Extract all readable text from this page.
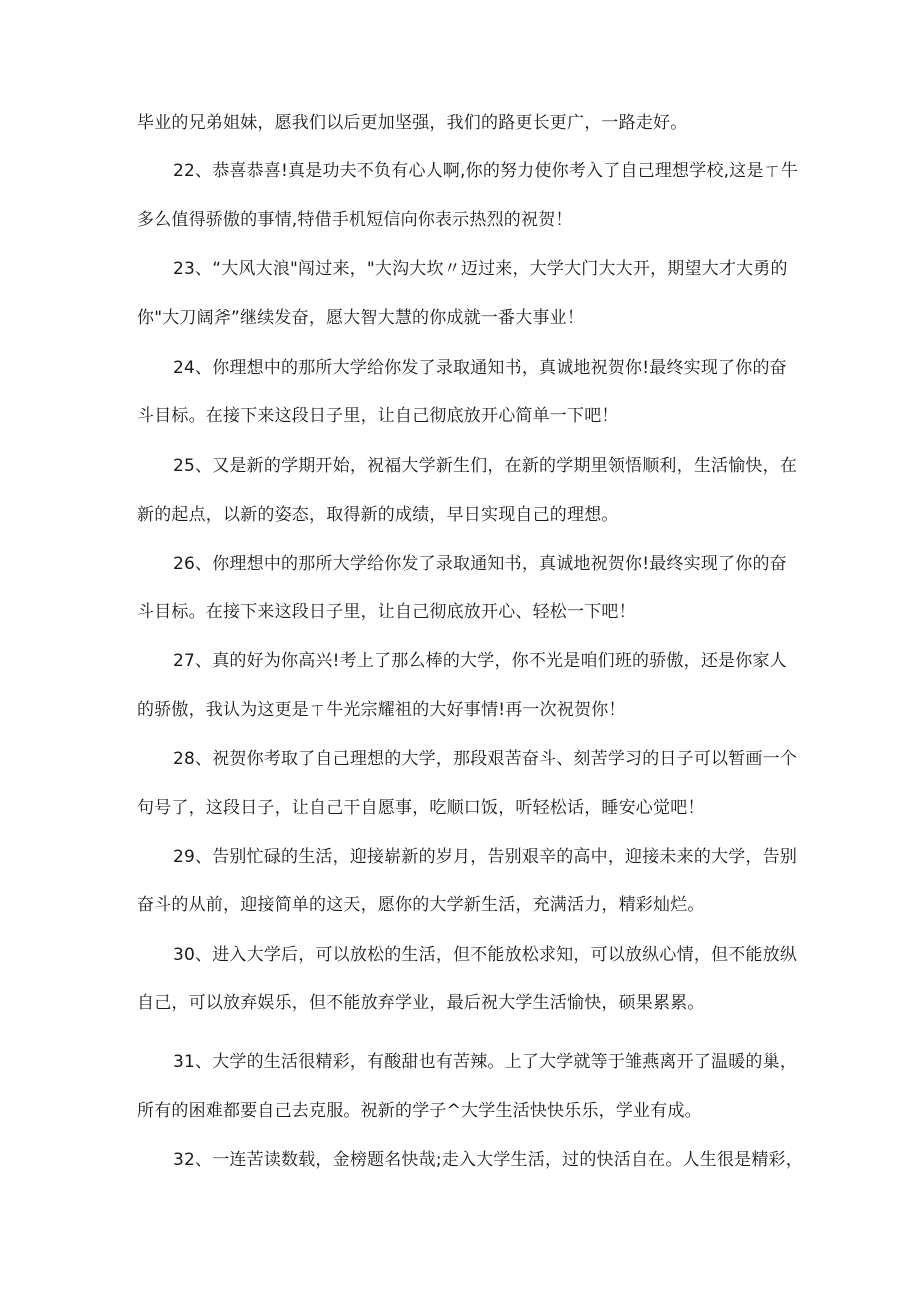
毕业的兄弟姐妹，愿我们以后更加坚强，我们的路更长更广，一路走好。
22、恭喜恭喜!真是功夫不负有心人啊,你的努力使你考入了自己理想学校,这是ㄒ牛
多么值得骄傲的事情,特借手机短信向你表示热烈的祝贺！
23、“大风大浪"闯过来，"大沟大坎〃迈过来，大学大门大大开，期望大才大勇的
你"大刀阔斧”继续发奋，愿大智大慧的你成就一番大事业！
24、你理想中的那所大学给你发了录取通知书，真诚地祝贺你!最终实现了你的奋
斗目标。在接下来这段日子里，让自己彻底放开心简单一下吧！
25、又是新的学期开始，祝福大学新生们，在新的学期里领悟顺利，生活愉快，在
新的起点，以新的姿态，取得新的成绩，早日实现自己的理想。
26、你理想中的那所大学给你发了录取通知书，真诚地祝贺你!最终实现了你的奋
斗目标。在接下来这段日子里，让自己彻底放开心、轻松一下吧！
27、真的好为你高兴!考上了那么棒的大学，你不光是咱们班的骄傲，还是你家人
的骄傲，我认为这更是ㄒ牛光宗耀祖的大好事情!再一次祝贺你！
28、祝贺你考取了自己理想的大学，那段艰苦奋斗、刻苦学习的日子可以暂画一个
句号了，这段日子，让自己干自愿事，吃顺口饭，听轻松话，睡安心觉吧！
29、告别忙碌的生活，迎接崭新的岁月，告别艰辛的高中，迎接未来的大学，告别
奋斗的从前，迎接简单的这天，愿你的大学新生活，充满活力，精彩灿烂。
30、进入大学后，可以放松的生活，但不能放松求知，可以放纵心情，但不能放纵
自己，可以放弃娱乐，但不能放弃学业，最后祝大学生活愉快，硕果累累。
31、大学的生活很精彩，有酸甜也有苦辣。上了大学就等于雏燕离开了温暖的巢，
所有的困难都要自己去克服。祝新的学子^大学生活快快乐乐，学业有成。
32、一连苦读数载，金榜题名快哉;走入大学生活，过的快活自在。人生很是精彩，
